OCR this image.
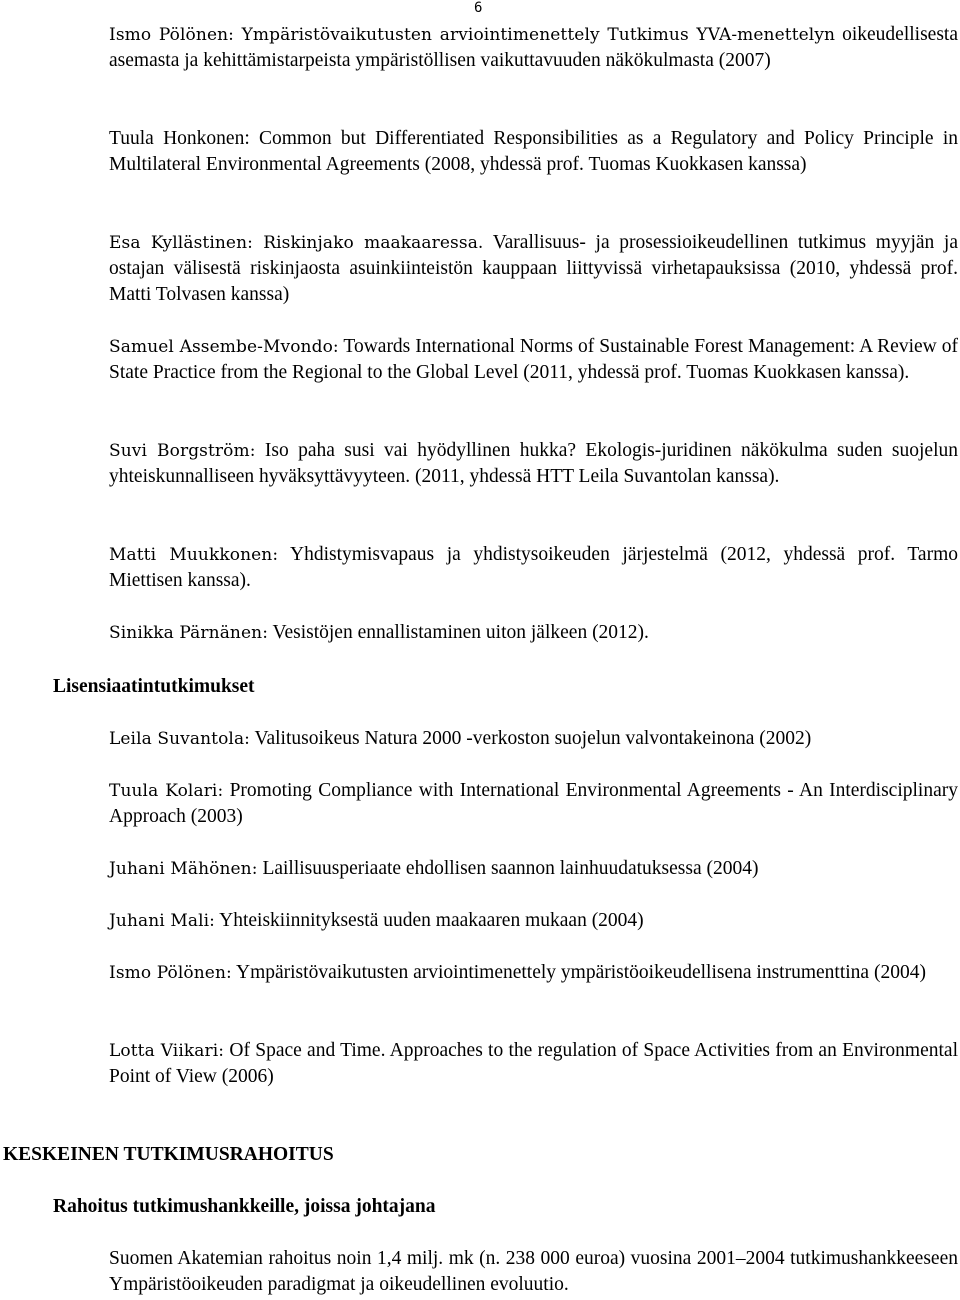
6
Ismo Pölönen: Ympäristövaikutusten arviointimenettely Tutkimus YVA-menettelyn oikeudellisesta asemasta ja kehittämistarpeista ympäristöllisen vaikuttavuuden näkökulmasta (2007)
Tuula Honkonen: Common but Differentiated Responsibilities as a Regulatory and Policy Principle in Multilateral Environmental Agreements (2008, yhdessä prof. Tuomas Kuokkasen kanssa)
Esa Kyllästinen: Riskinjako maakaaressa. Varallisuus- ja prosessioikeudellinen tutkimus myyjän ja ostajan välisestä riskinjaosta asuinkiinteistön kauppaan liittyvissä virhetapauksissa (2010, yhdessä prof. Matti Tolvasen kanssa)
Samuel Assembe-Mvondo: Towards International Norms of Sustainable Forest Management: A Review of State Practice from the Regional to the Global Level (2011, yhdessä prof. Tuomas Kuokkasen kanssa).
Suvi Borgström: Iso paha susi vai hyödyllinen hukka? Ekologis-juridinen näkökulma suden suojelun yhteiskunnalliseen hyväksyttävyyteen. (2011, yhdessä HTT Leila Suvantolan kanssa).
Matti Muukkonen: Yhdistymisvapaus ja yhdistysoikeuden järjestelmä (2012, yhdessä prof. Tarmo Miettisen kanssa).
Sinikka Pärnänen: Vesistöjen ennallistaminen uiton jälkeen (2012).
Lisensiaatintutkimukset
Leila Suvantola: Valitusoikeus Natura 2000 -verkoston suojelun valvontakeinona (2002)
Tuula Kolari: Promoting Compliance with International Environmental Agreements - An Interdisciplinary Approach (2003)
Juhani Mähönen: Laillisuusperiaate ehdollisen saannon lainhuudatuksessa (2004)
Juhani Mali: Yhteiskiinnityksestä uuden maakaaren mukaan (2004)
Ismo Pölönen: Ympäristövaikutusten arviointimenettely ympäristöoikeudellisena instrumenttina (2004)
Lotta Viikari: Of Space and Time. Approaches to the regulation of Space Activities from an Environmental Point of View (2006)
KESKEINEN TUTKIMUSRAHOITUS
Rahoitus tutkimushankkeille, joissa johtajana
Suomen Akatemian rahoitus noin 1,4 milj. mk (n. 238 000 euroa) vuosina 2001–2004 tutkimushankkeeseen Ympäristöoikeuden paradigmat ja oikeudellinen evoluutio.
